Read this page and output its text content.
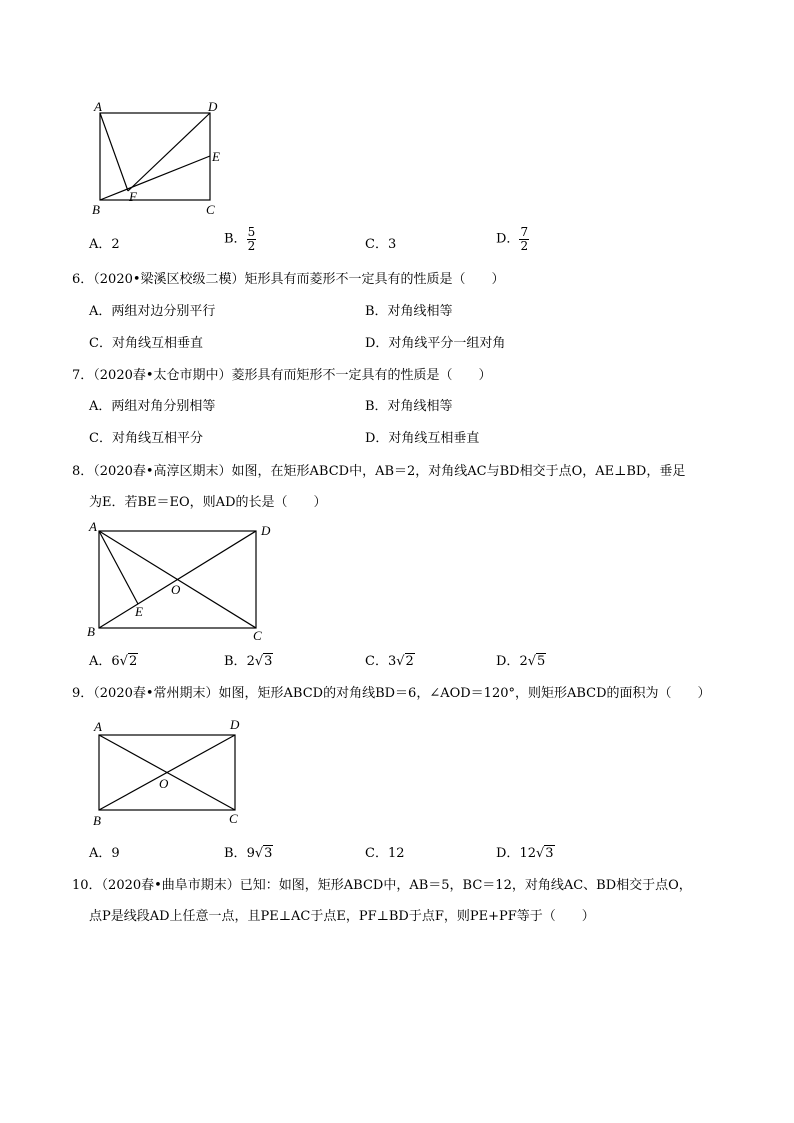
A	D
E
F
B	C
A．2	B． $\frac{5}{2}$	C．3	D． $\frac{7}{2}$
6．（2020•梁溪区校级二模）矩形具有而菱形不一定具有的性质是（　　）
A．两组对边分别平行	B．对角线相等
C．对角线互相垂直	D．对角线平分一组对角
7．（2020春•太仓市期中）菱形具有而矩形不一定具有的性质是（　　）
A．两组对角分别相等	B．对角线相等
C．对角线互相平分	D．对角线互相垂直
8．（2020春•高淳区期末）如图，在矩形ABCD中，AB＝2，对角线AC与BD相交于点O，AE⊥BD，垂足
为E．若BE＝EO，则AD的长是（　　）
A	D
O
E
B	C
A．6√2	B．2√3	C．3√2	D．2√5
9．（2020春•常州期末）如图，矩形ABCD的对角线BD＝6，∠AOD＝120°，则矩形ABCD的面积为（　　）
A	D
O
B	C
A．9	B．9√3	C．12	D．12√3
10．（2020春•曲阜市期末）已知：如图，矩形ABCD中，AB＝5，BC＝12，对角线AC、BD相交于点O，
点P是线段AD上任意一点，且PE⊥AC于点E，PF⊥BD于点F，则PE+PF等于（　　）
